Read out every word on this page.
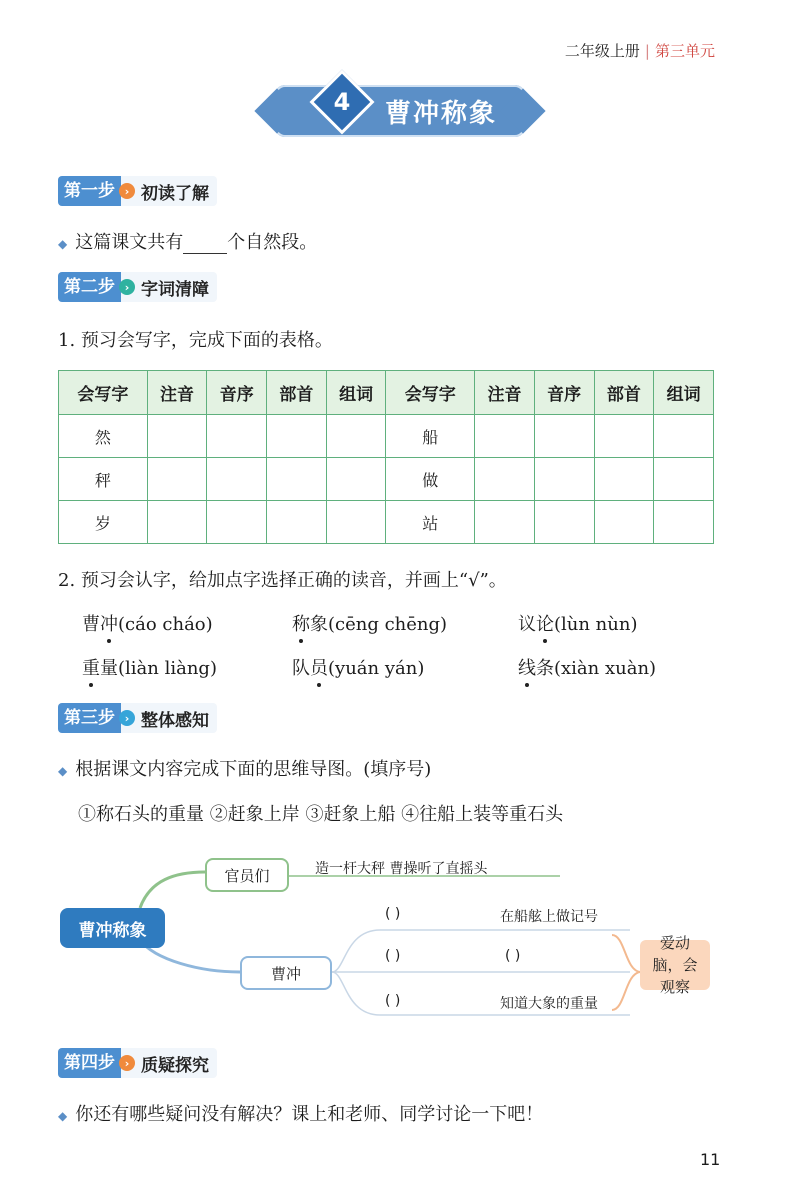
二年级上册 | 第三单元
4	曹冲称象
第一步 › 初读了解
◆ 这篇课文共有 个自然段。
第二步 › 字词清障
1. 预习会写字，完成下面的表格。
会写字	注音	音序	部首	组词	会写字	注音	音序	部首	组词
然					船				
秤					做				
岁					站				
2. 预习会认字，给加点字选择正确的读音，并画上“√”。
曹冲(cáo cháo)	称象(cēng chēng)	议论(lùn nùn)
重量(liàn liàng)	队员(yuán yán)	线条(xiàn xuàn)
第三步 › 整体感知
◆ 根据课文内容完成下面的思维导图。(填序号)
①称石头的重量 ②赶象上岸 ③赶象上船 ④往船上装等重石头
曹冲称象
官员们	造一杆大秤 曹操听了直摇头
曹冲
( )	在船舷上做记号
( )	( )
( )	知道大象的重量
爱动脑，会观察
第四步 › 质疑探究
◆ 你还有哪些疑问没有解决？课上和老师、同学讨论一下吧！
11
